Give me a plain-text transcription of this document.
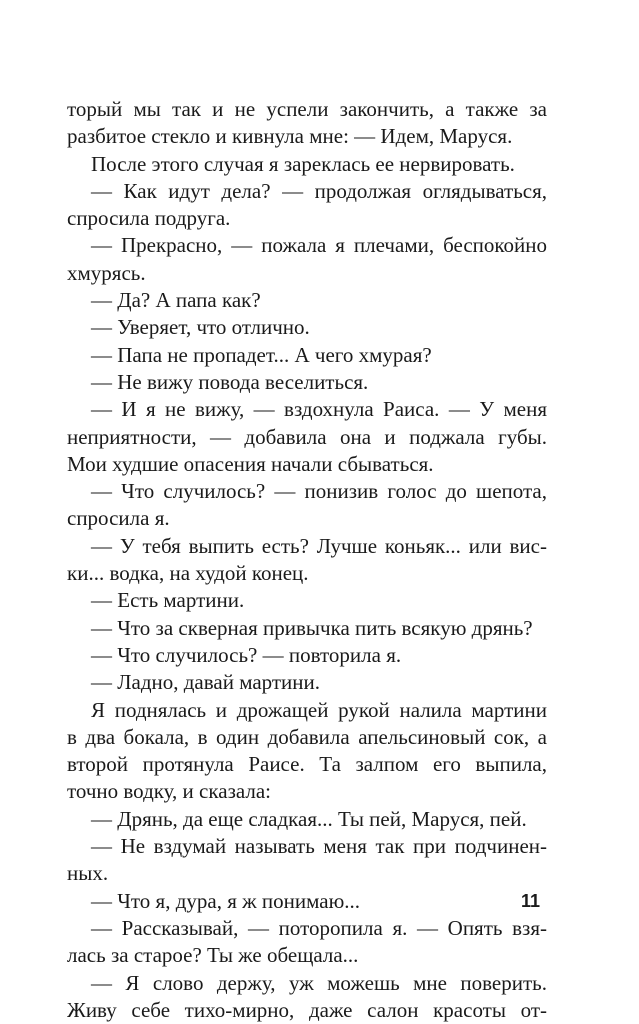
торый мы так и не успели закончить, а также за
разбитое стекло и кивнула мне: — Идем, Маруся.
После этого случая я зареклась ее нервировать.
— Как идут дела? — продолжая оглядываться,
спросила подруга.
— Прекрасно, — пожала я плечами, беспокойно
хмурясь.
— Да? А папа как?
— Уверяет, что отлично.
— Папа не пропадет... А чего хмурая?
— Не вижу повода веселиться.
— И я не вижу, — вздохнула Раиса. — У меня
неприятности, — добавила она и поджала губы.
Мои худшие опасения начали сбываться.
— Что случилось? — понизив голос до шепота,
спросила я.
— У тебя выпить есть? Лучше коньяк... или вис-
ки... водка, на худой конец.
— Есть мартини.
— Что за скверная привычка пить всякую дрянь?
— Что случилось? — повторила я.
— Ладно, давай мартини.
Я поднялась и дрожащей рукой налила мартини
в два бокала, в один добавила апельсиновый сок, а
второй протянула Раисе. Та залпом его выпила,
точно водку, и сказала:
— Дрянь, да еще сладкая... Ты пей, Маруся, пей.
— Не вздумай называть меня так при подчинен-
ных.
— Что я, дура, я ж понимаю...
— Рассказывай, — поторопила я. — Опять взя-
лась за старое? Ты же обещала...
— Я слово держу, уж можешь мне поверить.
Живу себе тихо-мирно, даже салон красоты от-
11
